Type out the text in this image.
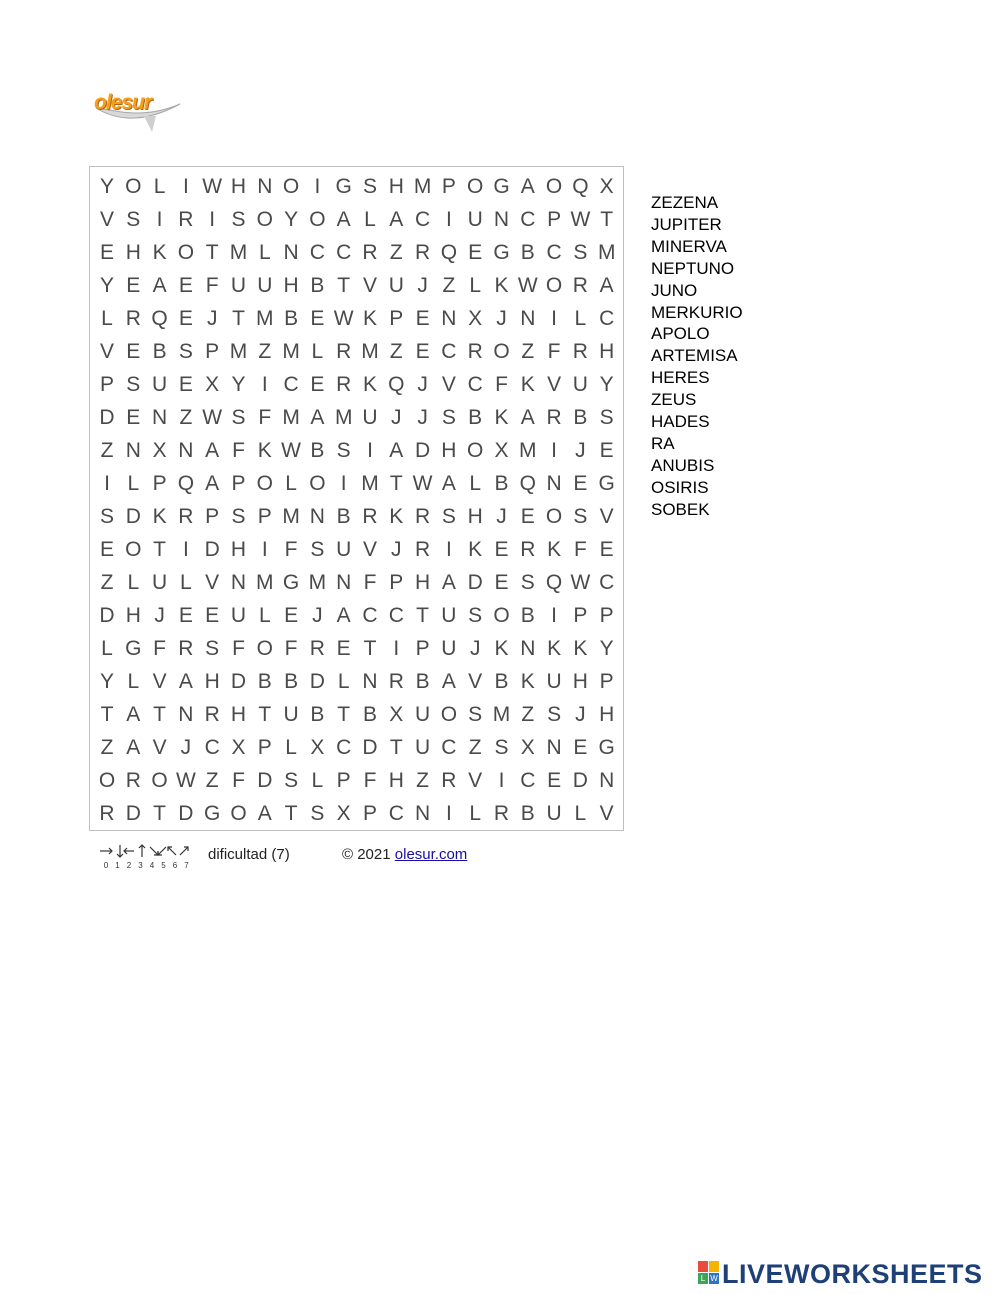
olesur
Y O L I W H N O I G S H M P O G A O Q X
V S I R I S O Y O A L A C I U N C P W T
E H K O T M L N C C R Z R Q E G B C S M
Y E A E F U U H B T V U J Z L K W O R A
L R Q E J T M B E W K P E N X J N I L C
V E B S P M Z M L R M Z E C R O Z F R H
P S U E X Y I C E R K Q J V C F K V U Y
D E N Z W S F M A M U J J S B K A R B S
Z N X N A F K W B S I A D H O X M I J E
I L P Q A P O L O I M T W A L B Q N E G
S D K R P S P M N B R K R S H J E O S V
E O T I D H I F S U V J R I K E R K F E
Z L U L V N M G M N F P H A D E S Q W C
D H J E E U L E J A C C T U S O B I P P
L G F R S F O F R E T I P U J K N K K Y
Y L V A H D B B D L N R B A V B K U H P
T A T N R H T U B T B X U O S M Z S J H
Z A V J C X P L X C D T U C Z S X N E G
O R O W Z F D S L P F H Z R V I C E D N
R D T D G O A T S X P C N I L R B U L V
ZEZENA
JUPITER
MINERVA
NEPTUNO
JUNO
MERKURIO
APOLO
ARTEMISA
HERES
ZEUS
HADES
RA
ANUBIS
OSIRIS
SOBEK
0 1 2 3 4 5 6 7
dificultad (7)	© 2021 olesur.com
L W LIVEWORKSHEETS
